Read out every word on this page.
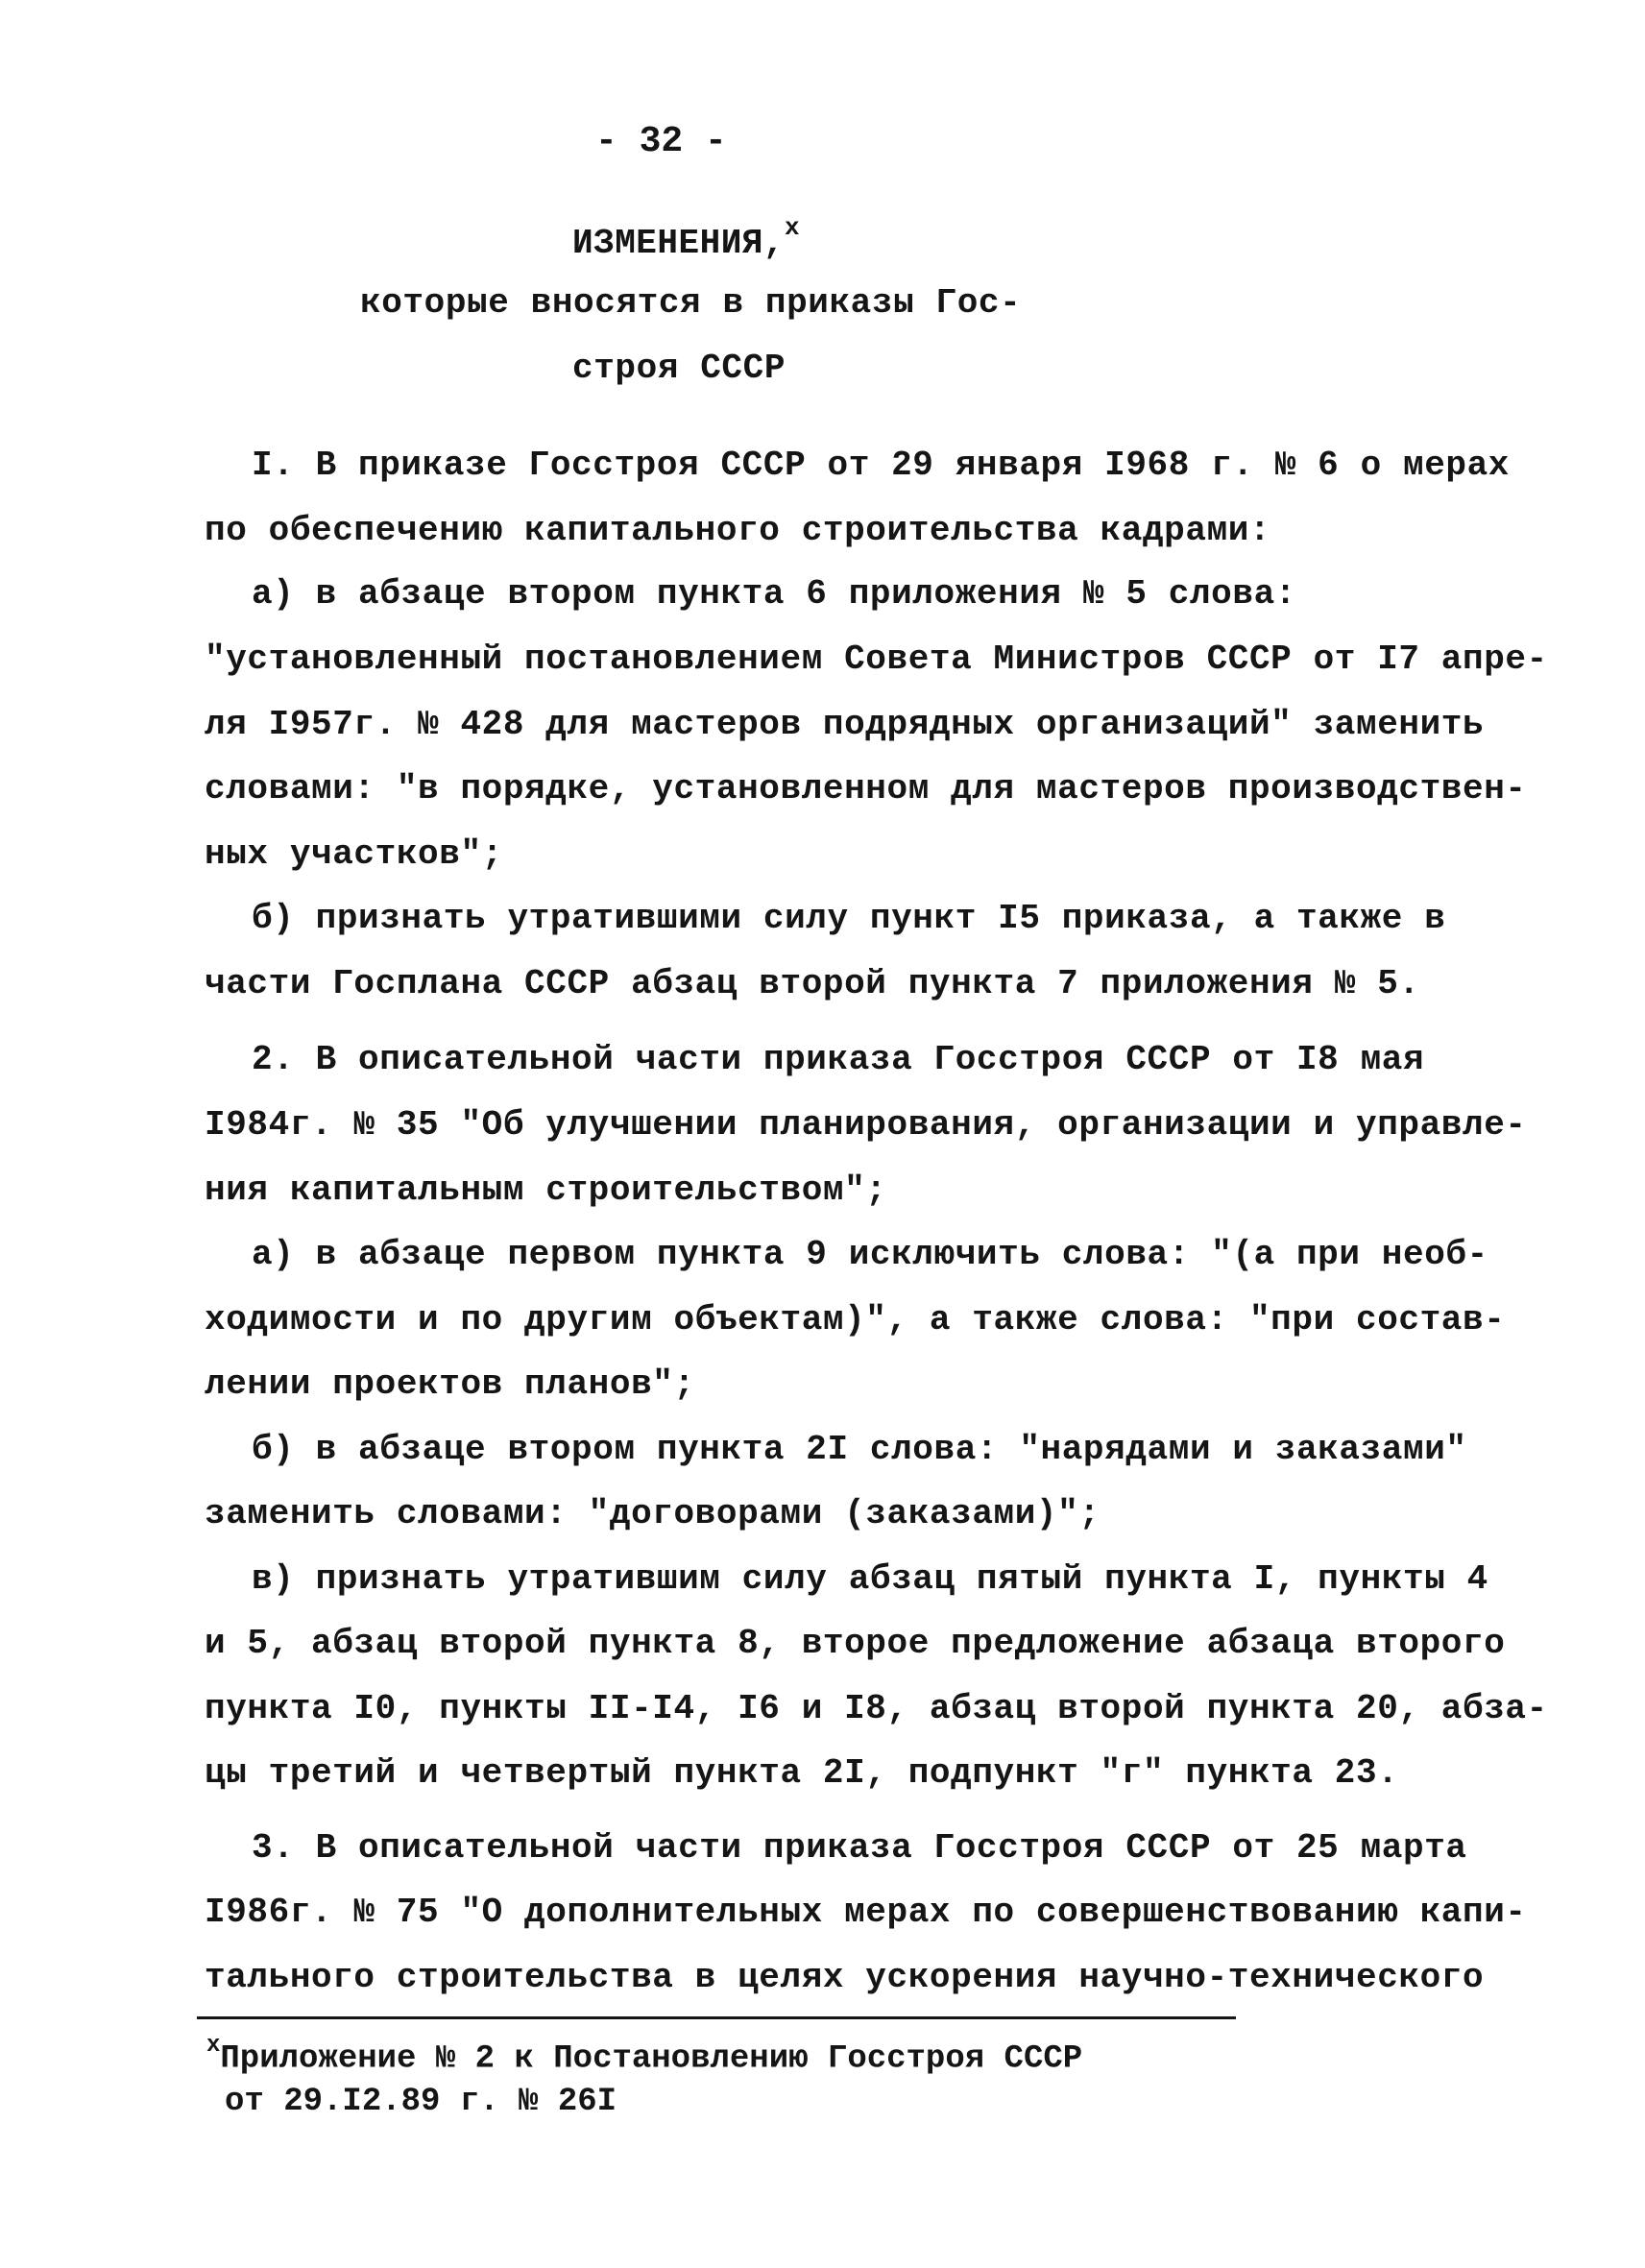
- 32 -
ИЗМЕНЕНИЯ,$^x$
которые вносятся в приказы Гос-
строя СССР
I. В приказе Госстроя СССР от 29 января I968 г. № 6 о мерах
по обеспечению капитального строительства кадрами:
а) в абзаце втором пункта 6 приложения № 5 слова:
"установленный постановлением Совета Министров СССР от I7 апре-
ля I957г. № 428 для мастеров подрядных организаций" заменить
словами: "в порядке, установленном для мастеров производствен-
ных участков";
б) признать утратившими силу пункт I5 приказа, а также в
части Госплана СССР абзац второй пункта 7 приложения № 5.
2. В описательной части приказа Госстроя СССР от I8 мая
I984г. № 35 "Об улучшении планирования, организации и управле-
ния капитальным строительством";
а) в абзаце первом пункта 9 исключить слова: "(а при необ-
ходимости и по другим объектам)", а также слова: "при состав-
лении проектов планов";
б) в абзаце втором пункта 2I слова: "нарядами и заказами"
заменить словами: "договорами (заказами)";
в) признать утратившим силу абзац пятый пункта I, пункты 4
и 5, абзац второй пункта 8, второе предложение абзаца второго
пункта I0, пункты II-I4, I6 и I8, абзац второй пункта 20, абза-
цы третий и четвертый пункта 2I, подпункт "г" пункта 23.
3. В описательной части приказа Госстроя СССР от 25 марта
I986г. № 75 "О дополнительных мерах по совершенствованию капи-
тального строительства в целях ускорения научно-технического
$^x$Приложение № 2 к Постановлению Госстроя СССР
от 29.I2.89 г. № 26I
